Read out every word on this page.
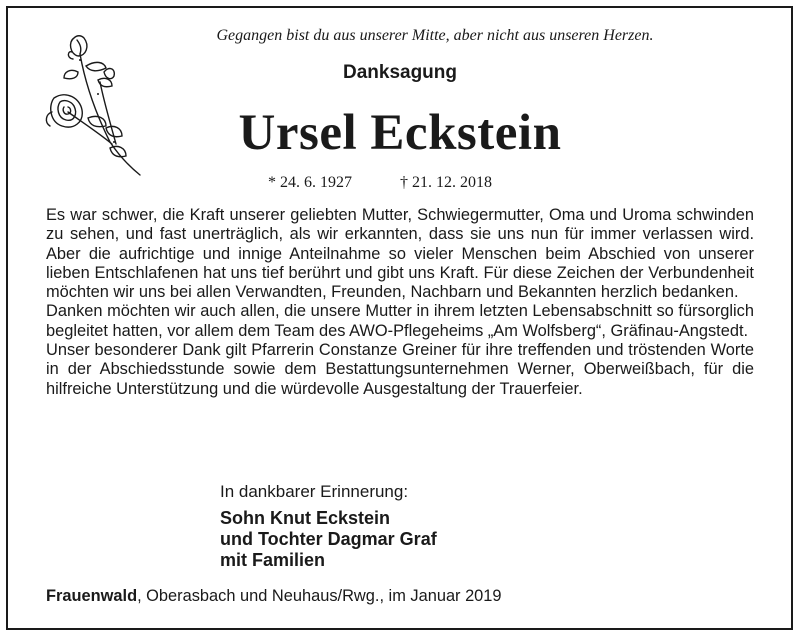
Gegangen bist du aus unserer Mitte, aber nicht aus unseren Herzen.
Danksagung
Ursel Eckstein
* 24. 6. 1927	† 21. 12. 2018

Es war schwer, die Kraft unserer geliebten Mutter, Schwiegermutter, Oma und Uroma schwinden zu sehen, und fast unerträglich, als wir erkannten, dass sie uns nun für immer verlassen wird. Aber die aufrichtige und innige Anteilnahme so vieler Menschen beim Abschied von unserer lieben Entschlafenen hat uns tief berührt und gibt uns Kraft. Für diese Zeichen der Verbundenheit möchten wir uns bei allen Verwandten, Freunden, Nachbarn und Bekannten herzlich bedanken.

Danken möchten wir auch allen, die unsere Mutter in ihrem letzten Lebensabschnitt so fürsorglich begleitet hatten, vor allem dem Team des AWO-Pflegeheims „Am Wolfsberg“, Gräfinau-Angstedt.

Unser besonderer Dank gilt Pfarrerin Constanze Greiner für ihre treffenden und tröstenden Worte in der Abschiedsstunde sowie dem Bestattungsunternehmen Werner, Oberweißbach, für die hilfreiche Unterstützung und die würdevolle Ausgestaltung der Trauerfeier.

In dankbarer Erinnerung:
Sohn Knut Eckstein
und Tochter Dagmar Graf
mit Familien
Frauenwald, Oberasbach und Neuhaus/Rwg., im Januar 2019
